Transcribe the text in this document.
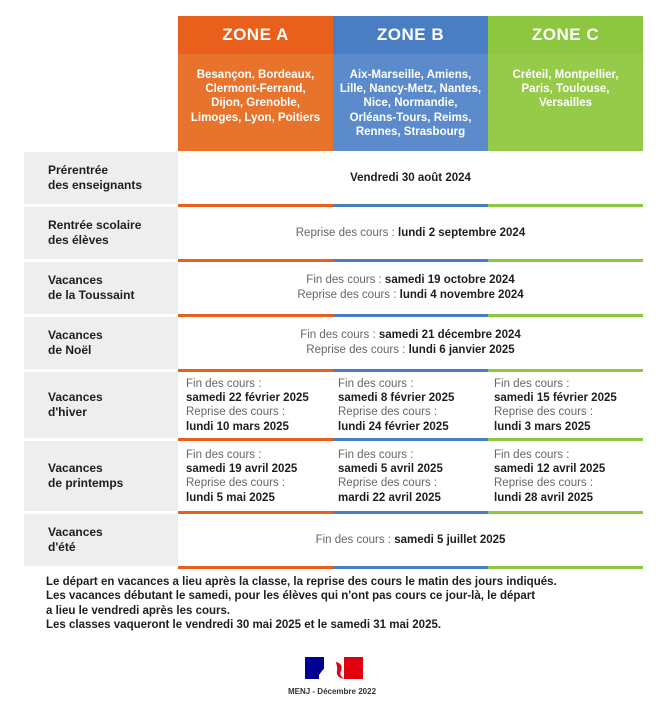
ZONE A	ZONE B	ZONE C
Besançon, Bordeaux,
Clermont-Ferrand,
Dijon, Grenoble,
Limoges, Lyon, Poitiers
Aix-Marseille, Amiens,
Lille, Nancy-Metz, Nantes,
Nice, Normandie,
Orléans-Tours, Reims,
Rennes, Strasbourg
Créteil, Montpellier,
Paris, Toulouse,
Versailles
Prérentrée
des enseignants
Vendredi 30 août 2024
Rentrée scolaire
des élèves
Reprise des cours : lundi 2 septembre 2024
Vacances
de la Toussaint
Fin des cours : samedi 19 octobre 2024
Reprise des cours : lundi 4 novembre 2024
Vacances
de Noël
Fin des cours : samedi 21 décembre 2024
Reprise des cours : lundi 6 janvier 2025
Vacances
d'hiver
Fin des cours :
samedi 22 février 2025
Reprise des cours :
lundi 10 mars 2025
Fin des cours :
samedi 8 février 2025
Reprise des cours :
lundi 24 février 2025
Fin des cours :
samedi 15 février 2025
Reprise des cours :
lundi 3 mars 2025
Vacances
de printemps
Fin des cours :
samedi 19 avril 2025
Reprise des cours :
lundi 5 mai 2025
Fin des cours :
samedi 5 avril 2025
Reprise des cours :
mardi 22 avril 2025
Fin des cours :
samedi 12 avril 2025
Reprise des cours :
lundi 28 avril 2025
Vacances
d'été
Fin des cours : samedi 5 juillet 2025
Le départ en vacances a lieu après la classe, la reprise des cours le matin des jours indiqués.
Les vacances débutant le samedi, pour les élèves qui n'ont pas cours ce jour-là, le départ
a lieu le vendredi après les cours.
Les classes vaqueront le vendredi 30 mai 2025 et le samedi 31 mai 2025.
MENJ - Décembre 2022
